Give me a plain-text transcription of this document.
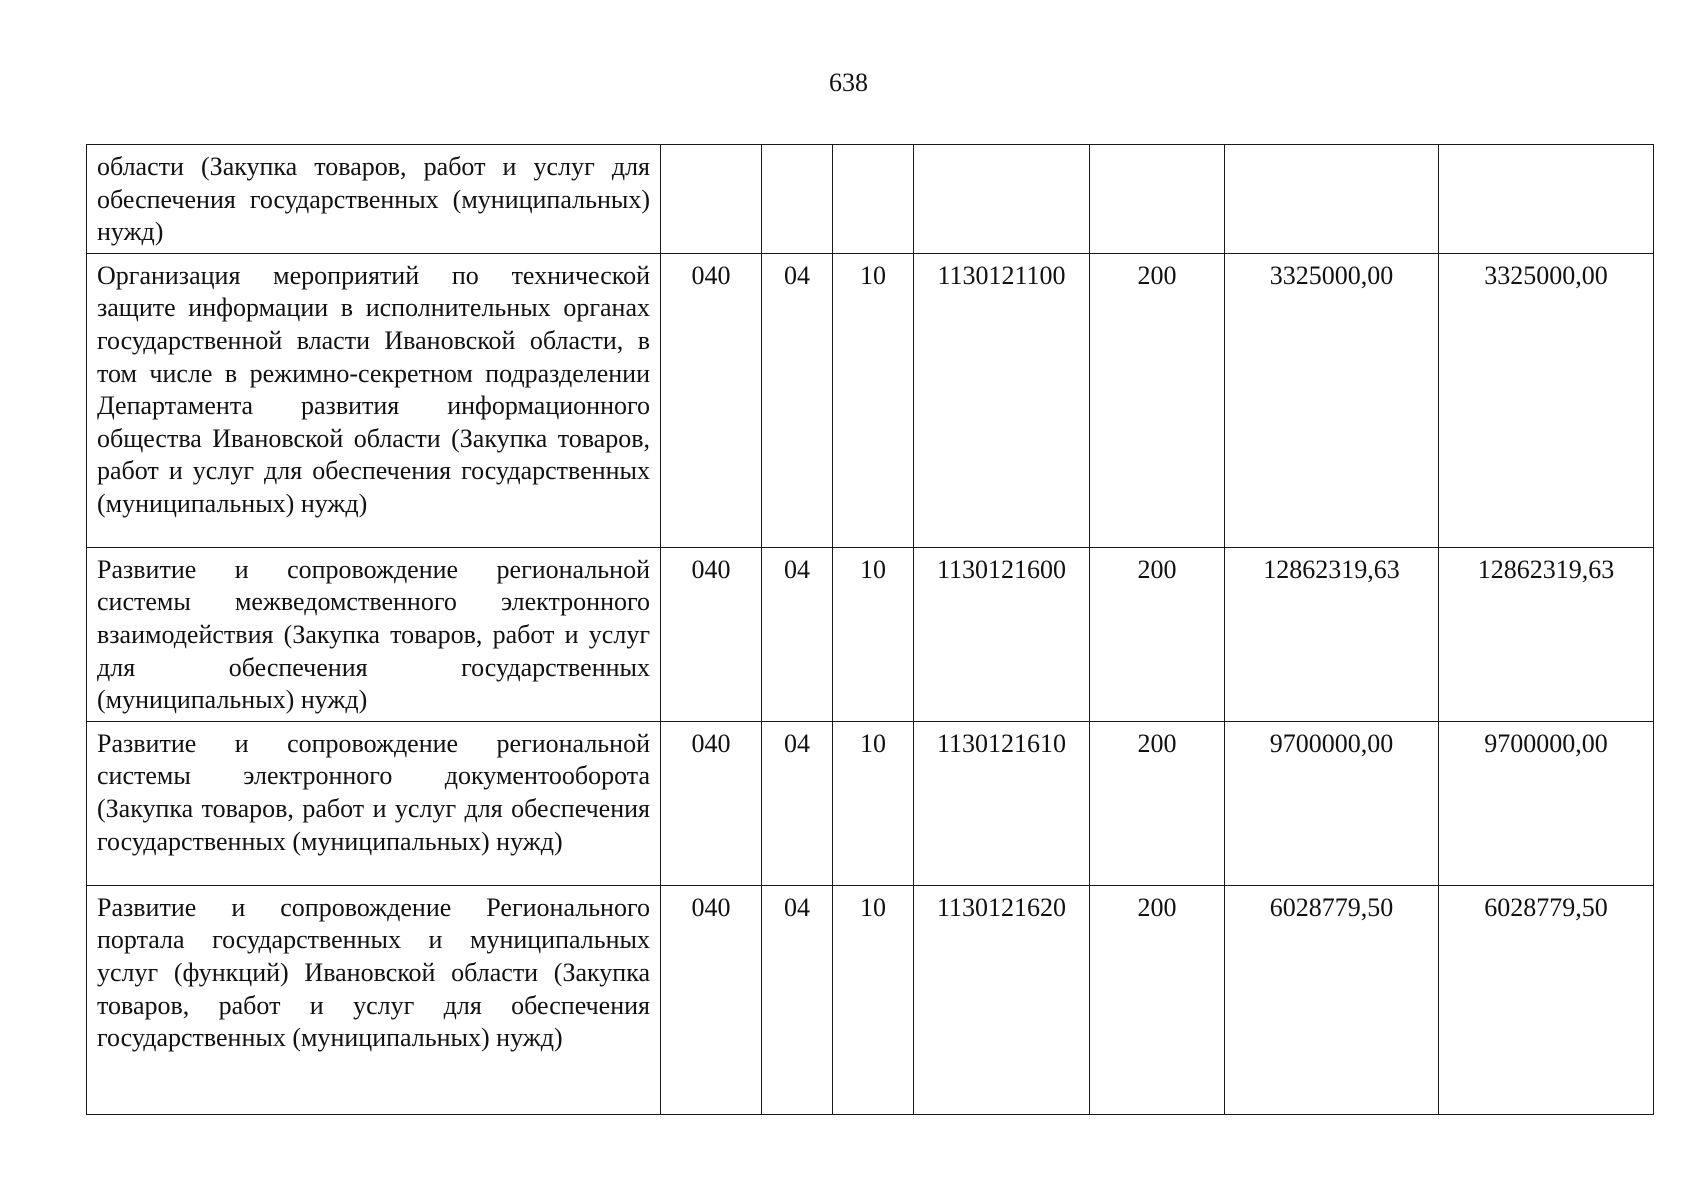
638
области (Закупка товаров, работ и услуг для обеспечения государственных (муниципальных) нужд)							
Организация мероприятий по технической защите информации в исполнительных органах государственной власти Ивановской области, в том числе в режимно-секретном подразделении Департамента развития информационного общества Ивановской области (Закупка товаров, работ и услуг для обеспечения государственных (муниципальных) нужд)	040	04	10	1130121100	200	3325000,00	3325000,00
Развитие и сопровождение региональной системы межведомственного электронного взаимодействия (Закупка товаров, работ и услуг для обеспечения государственных (муниципальных) нужд)	040	04	10	1130121600	200	12862319,63	12862319,63
Развитие и сопровождение региональной системы электронного документооборота (Закупка товаров, работ и услуг для обеспечения государственных (муниципальных) нужд)	040	04	10	1130121610	200	9700000,00	9700000,00
Развитие и сопровождение Регионального портала государственных и муниципальных услуг (функций) Ивановской области (Закупка товаров, работ и услуг для обеспечения государственных (муниципальных) нужд)	040	04	10	1130121620	200	6028779,50	6028779,50
